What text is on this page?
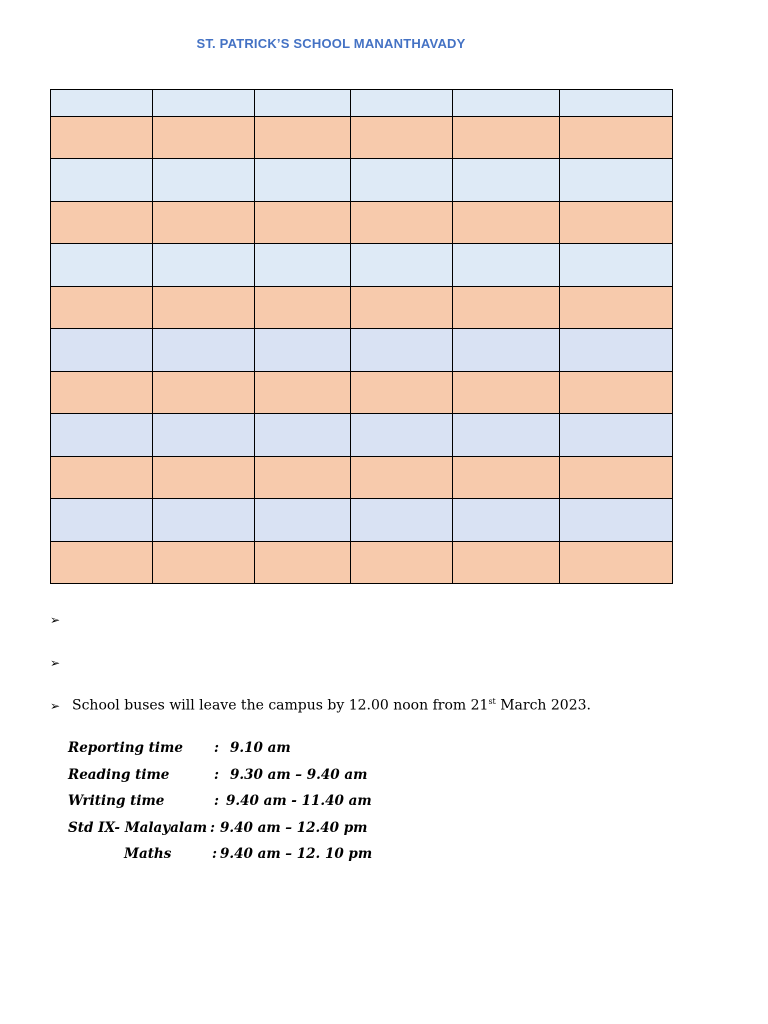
ST. PATRICK’S SCHOOL MANANTHAVADY

➢
➢
➢ School buses will leave the campus by 12.00 noon from 21st March 2023.
Reporting time : 9.10 am
Reading time	: 9.30 am – 9.40 am
Writing time	: 9.40 am - 11.40 am
Std IX- Malayalam : 9.40 am – 12.40 pm
Maths	: 9.40 am – 12. 10 pm
